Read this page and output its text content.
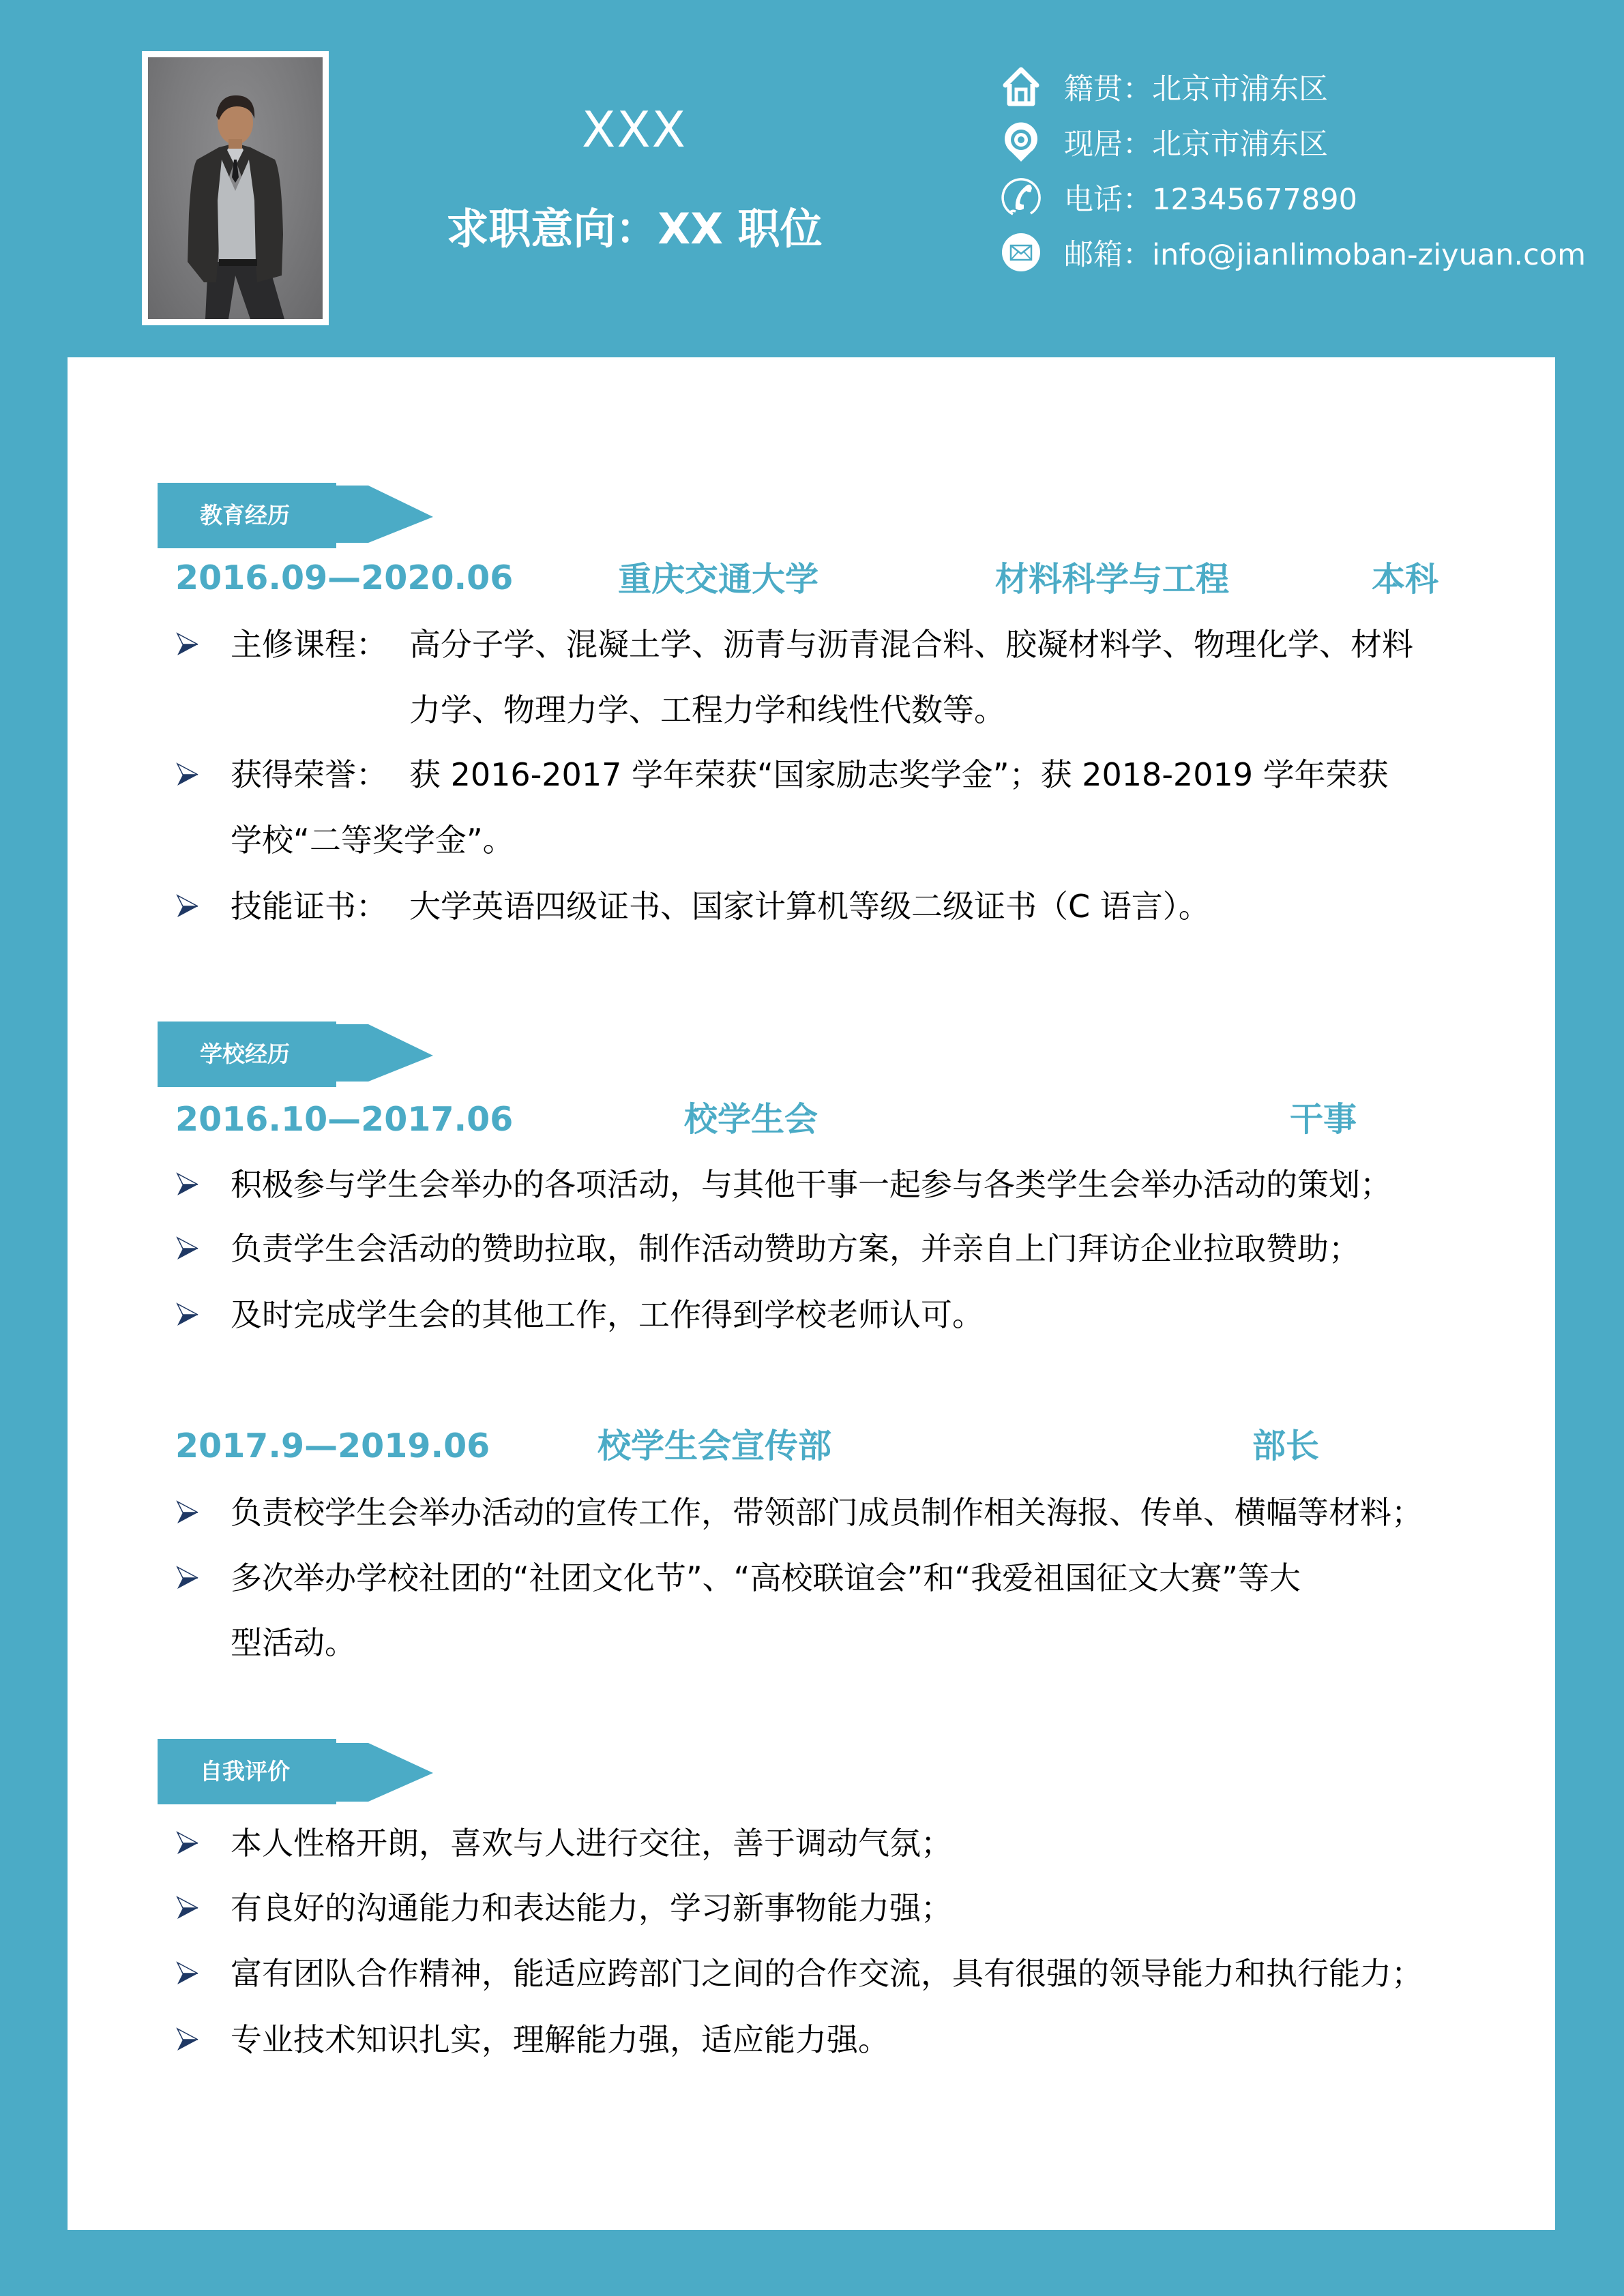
XXX
求职意向：XX 职位
籍贯：北京市浦东区
现居：北京市浦东区
电话：12345677890
邮箱：info@jianlimoban-ziyuan.com
教育经历
2016.09—2020.06	重庆交通大学	材料科学与工程	本科
主修课程： 高分子学、混凝土学、沥青与沥青混合料、胶凝材料学、物理化学、材料
力学、物理力学、工程力学和线性代数等。
获得荣誉： 获 2016-2017 学年荣获“国家励志奖学金”；获 2018-2019 学年荣获
学校“二等奖学金”。
技能证书： 大学英语四级证书、国家计算机等级二级证书（C 语言）。
学校经历
2016.10—2017.06	校学生会	干事
积极参与学生会举办的各项活动，与其他干事一起参与各类学生会举办活动的策划；
负责学生会活动的赞助拉取，制作活动赞助方案，并亲自上门拜访企业拉取赞助；
及时完成学生会的其他工作，工作得到学校老师认可。
2017.9—2019.06	校学生会宣传部	部长
负责校学生会举办活动的宣传工作，带领部门成员制作相关海报、传单、横幅等材料；
多次举办学校社团的“社团文化节”、“高校联谊会”和“我爱祖国征文大赛”等大
型活动。
自我评价
本人性格开朗，喜欢与人进行交往，善于调动气氛；
有良好的沟通能力和表达能力，学习新事物能力强；
富有团队合作精神，能适应跨部门之间的合作交流，具有很强的领导能力和执行能力；
专业技术知识扎实，理解能力强，适应能力强。
